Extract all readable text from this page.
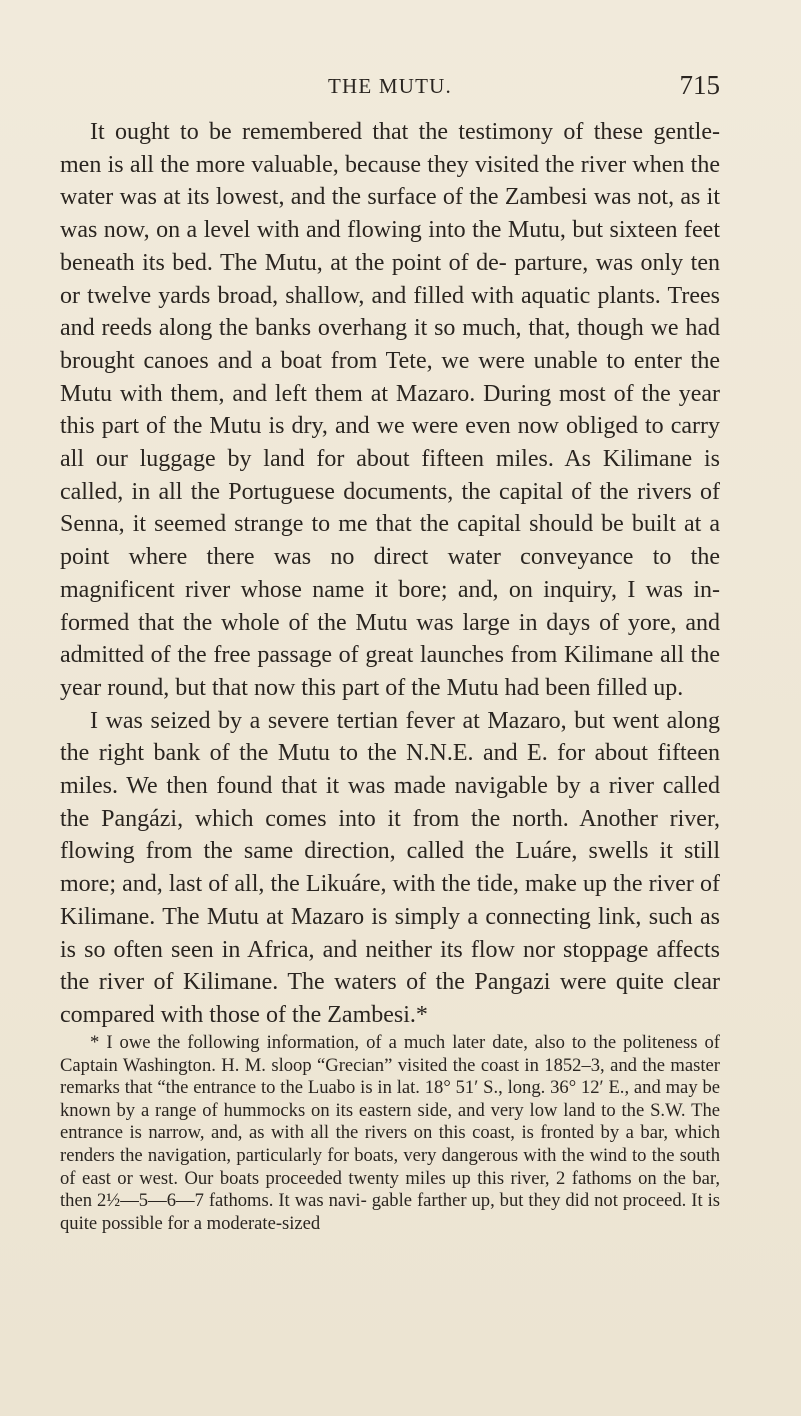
THE MUTU.	715

It ought to be remembered that the testimony of these gentle- men is all the more valuable, because they visited the river when the water was at its lowest, and the surface of the Zambesi was not, as it was now, on a level with and flowing into the Mutu, but sixteen feet beneath its bed. The Mutu, at the point of de- parture, was only ten or twelve yards broad, shallow, and filled with aquatic plants. Trees and reeds along the banks overhang it so much, that, though we had brought canoes and a boat from Tete, we were unable to enter the Mutu with them, and left them at Mazaro. During most of the year this part of the Mutu is dry, and we were even now obliged to carry all our luggage by land for about fifteen miles. As Kilimane is called, in all the Portuguese documents, the capital of the rivers of Senna, it seemed strange to me that the capital should be built at a point where there was no direct water conveyance to the magnificent river whose name it bore; and, on inquiry, I was in- formed that the whole of the Mutu was large in days of yore, and admitted of the free passage of great launches from Kilimane all the year round, but that now this part of the Mutu had been filled up.

I was seized by a severe tertian fever at Mazaro, but went along the right bank of the Mutu to the N.N.E. and E. for about fifteen miles. We then found that it was made navigable by a river called the Pangázi, which comes into it from the north. Another river, flowing from the same direction, called the Luáre, swells it still more; and, last of all, the Likuáre, with the tide, make up the river of Kilimane. The Mutu at Mazaro is simply a connecting link, such as is so often seen in Africa, and neither its flow nor stoppage affects the river of Kilimane. The waters of the Pangazi were quite clear compared with those of the Zambesi.*

* I owe the following information, of a much later date, also to the politeness of Captain Washington. H. M. sloop “Grecian” visited the coast in 1852–3, and the master remarks that “the entrance to the Luabo is in lat. 18° 51′ S., long. 36° 12′ E., and may be known by a range of hummocks on its eastern side, and very low land to the S.W. The entrance is narrow, and, as with all the rivers on this coast, is fronted by a bar, which renders the navigation, particularly for boats, very dangerous with the wind to the south of east or west. Our boats proceeded twenty miles up this river, 2 fathoms on the bar, then 2½—5—6—7 fathoms. It was navi- gable farther up, but they did not proceed. It is quite possible for a moderate-sized
